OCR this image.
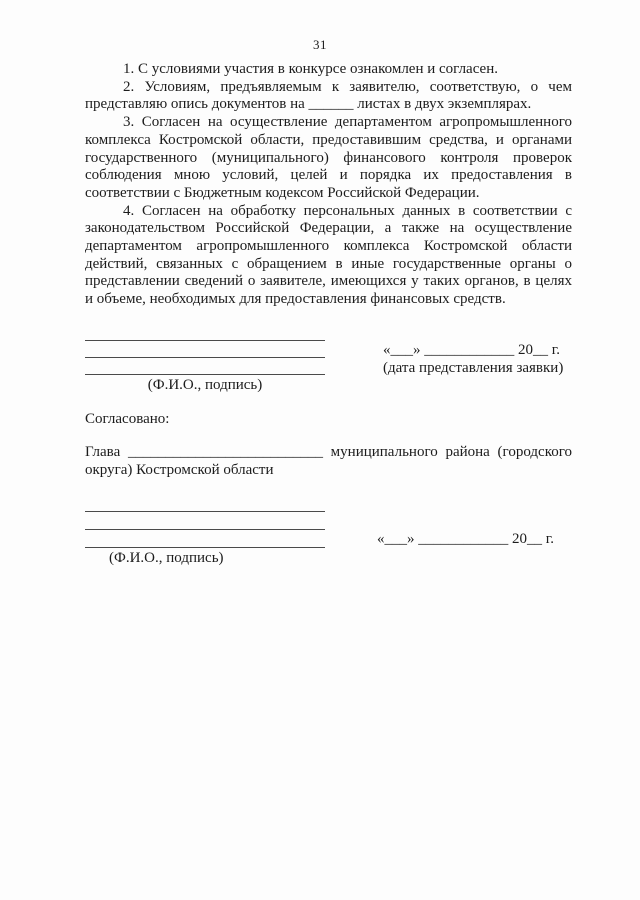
31

1. С условиями участия в конкурсе ознакомлен и согласен.

2. Условиям, предъявляемым к заявителю, соответствую, о чем представляю опись документов на ______ листах в двух экземплярах.

3. Согласен на осуществление департаментом агропромышленного комплекса Костромской области, предоставившим средства, и органами государственного (муниципального) финансового контроля проверок соблюдения мною условий, целей и порядка их предоставления в соответствии с Бюджетным кодексом Российской Федерации.

4. Согласен на обработку персональных данных в соответствии с законодательством Российской Федерации, а также на осуществление департаментом агропромышленного комплекса Костромской области действий, связанных с обращением в иные государственные органы о представлении сведений о заявителе, имеющихся у таких органов, в целях и объеме, необходимых для предоставления финансовых средств.

(Ф.И.О., подпись)
«___» ____________ 20__ г.
(дата представления заявки)
Согласовано:
Глава __________________________ муниципального района (городского округа) Костромской области
(Ф.И.О., подпись)
«___» ____________ 20__ г.
